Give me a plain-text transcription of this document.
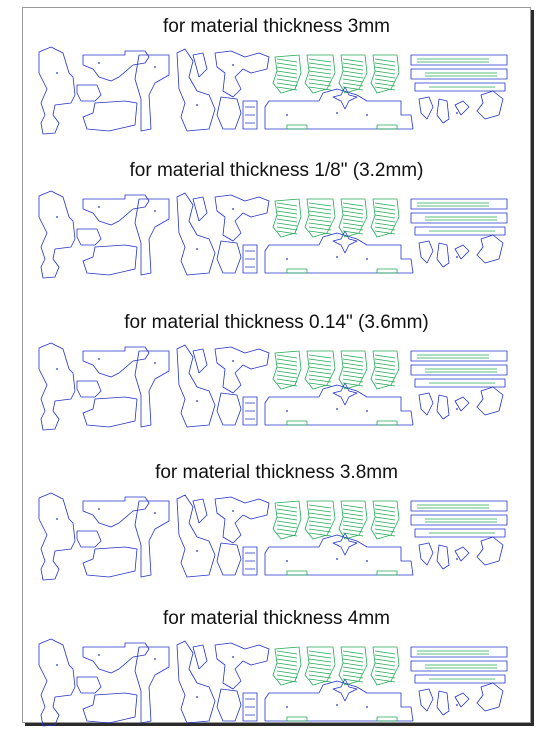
for material thickness 3mm
for material thickness 1/8" (3.2mm)
for material thickness 0.14" (3.6mm)
for material thickness 3.8mm
for material thickness 4mm
